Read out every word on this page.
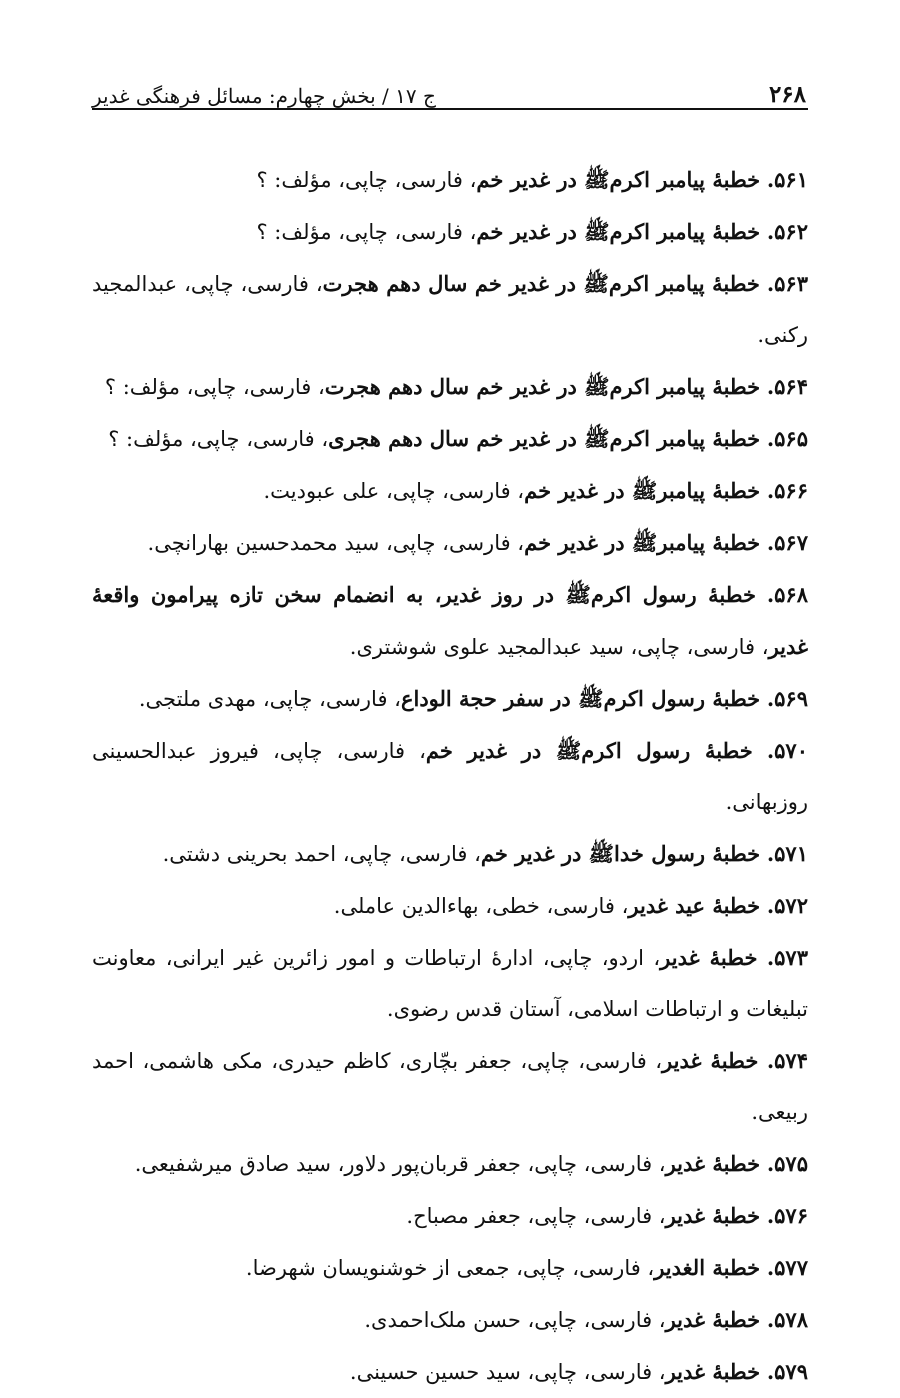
۲۶۸
ج ۱۷ / بخش چهارم: مسائل فرهنگی غدیر

۵۶۱. خطبهٔ پیامبر اکرمﷺ در غدیر خم، فارسی، چاپی، مؤلف: ؟

۵۶۲. خطبهٔ پیامبر اکرمﷺ در غدیر خم، فارسی، چاپی، مؤلف: ؟

۵۶۳. خطبهٔ پیامبر اکرمﷺ در غدیر خم سال دهم هجرت، فارسی، چاپی، عبدالمجید رکنی.

۵۶۴. خطبهٔ پیامبر اکرمﷺ در غدیر خم سال دهم هجرت، فارسی، چاپی، مؤلف: ؟

۵۶۵. خطبهٔ پیامبر اکرمﷺ در غدیر خم سال دهم هجری، فارسی، چاپی، مؤلف: ؟

۵۶۶. خطبهٔ پیامبرﷺ در غدیر خم، فارسی، چاپی، علی عبودیت.

۵۶۷. خطبهٔ پیامبرﷺ در غدیر خم، فارسی، چاپی، سید محمدحسین بهارانچی.

۵۶۸. خطبهٔ رسول اکرمﷺ در روز غدیر، به انضمام سخن تازه پیرامون واقعهٔ غدیر، فارسی، چاپی، سید عبدالمجید علوی شوشتری.

۵۶۹. خطبهٔ رسول اکرمﷺ در سفر حجة الوداع، فارسی، چاپی، مهدی ملتجی.

۵۷۰. خطبهٔ رسول اکرمﷺ در غدیر خم، فارسی، چاپی، فیروز عبدالحسینی روزبهانی.

۵۷۱. خطبهٔ رسول خداﷺ در غدیر خم، فارسی، چاپی، احمد بحرینی دشتی.

۵۷۲. خطبهٔ عید غدیر، فارسی، خطی، بهاءالدین عاملی.

۵۷۳. خطبهٔ غدیر، اردو، چاپی، ادارهٔ ارتباطات و امور زائرین غیر ایرانی، معاونت تبلیغات و ارتباطات اسلامی، آستان قدس رضوی.

۵۷۴. خطبهٔ غدیر، فارسی، چاپی، جعفر بچّاری، کاظم حیدری، مکی هاشمی، احمد ربیعی.

۵۷۵. خطبهٔ غدیر، فارسی، چاپی، جعفر قربان‌پور دلاور، سید صادق میرشفیعی.

۵۷۶. خطبهٔ غدیر، فارسی، چاپی، جعفر مصباح.

۵۷۷. خطبة الغدیر، فارسی، چاپی، جمعی از خوشنویسان شهرضا.

۵۷۸. خطبهٔ غدیر، فارسی، چاپی، حسن ملک‌احمدی.

۵۷۹. خطبهٔ غدیر، فارسی، چاپی، سید حسین حسینی.
